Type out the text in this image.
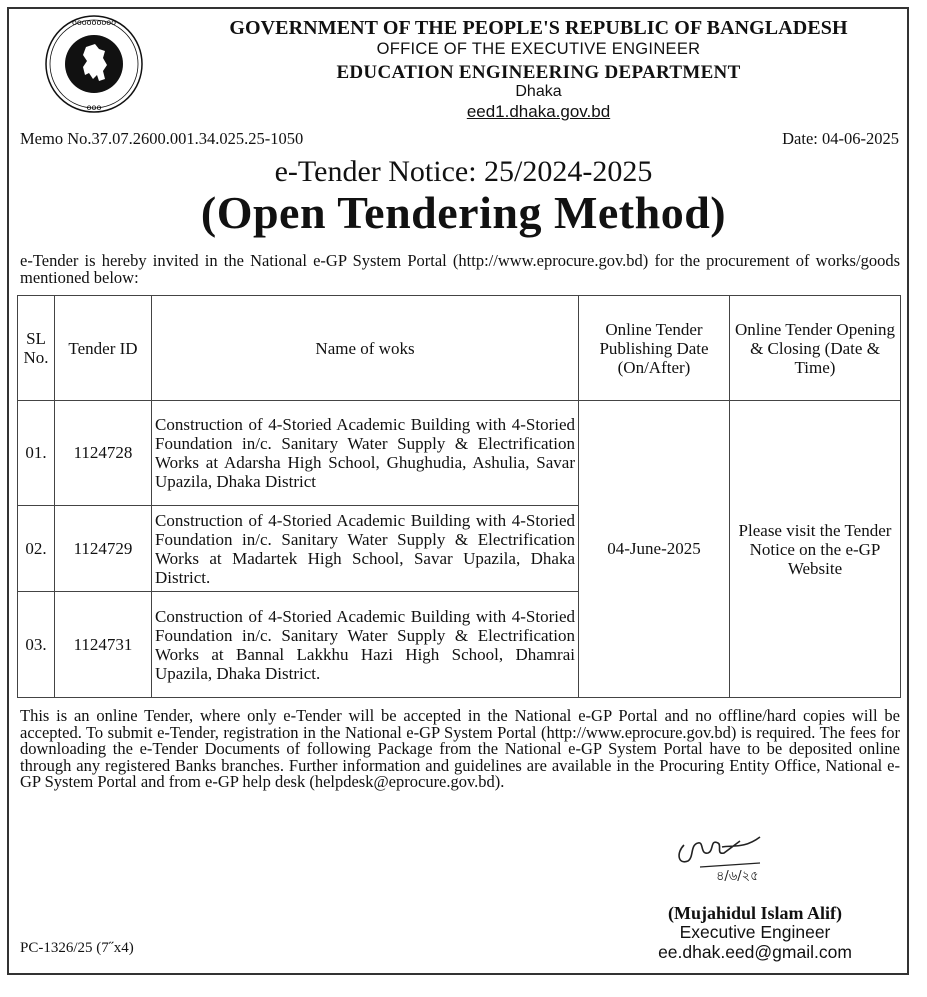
ooooooooo
ooo
GOVERNMENT OF THE PEOPLE'S REPUBLIC OF BANGLADESH
OFFICE OF THE EXECUTIVE ENGINEER
EDUCATION ENGINEERING DEPARTMENT
Dhaka
eed1.dhaka.gov.bd
Memo No.37.07.2600.001.34.025.25-1050	Date: 04-06-2025
e-Tender Notice: 25/2024-2025
(Open Tendering Method)
e-Tender is hereby invited in the National e-GP System Portal (http://www.eprocure.gov.bd) for the procurement of works/goods mentioned below:
SL No.	Tender ID	Name of woks	Online Tender Publishing Date (On/After)	Online Tender Opening & Closing (Date & Time)
01.	1124728	Construction of 4-Storied Academic Building with 4-Storied Foundation in/c. Sanitary Water Supply & Electrification Works at Adarsha High School, Ghughudia, Ashulia, Savar Upazila, Dhaka District	04-June-2025	Please visit the Tender Notice on the e-GP Website
02.	1124729	Construction of 4-Storied Academic Building with 4-Storied Foundation in/c. Sanitary Water Supply & Electrification Works at Madartek High School, Savar Upazila, Dhaka District.		
03.	1124731	Construction of 4-Storied Academic Building with 4-Storied Foundation in/c. Sanitary Water Supply & Electrification Works at Bannal Lakkhu Hazi High School, Dhamrai Upazila, Dhaka District.		
This is an online Tender, where only e-Tender will be accepted in the National e-GP Portal and no offline/hard copies will be accepted. To submit e-Tender, registration in the National e-GP System Portal (http://www.eprocure.gov.bd) is required. The fees for downloading the e-Tender Documents of following Package from the National e-GP System Portal have to be deposited online through any registered Banks branches. Further information and guidelines are available in the Procuring Entity Office, National e-GP System Portal and from e-GP help desk (helpdesk@eprocure.gov.bd).
৪/৬/২৫
(Mujahidul Islam Alif)
Executive Engineer
ee.dhak.eed@gmail.com
PC-1326/25 (7˝x4)
